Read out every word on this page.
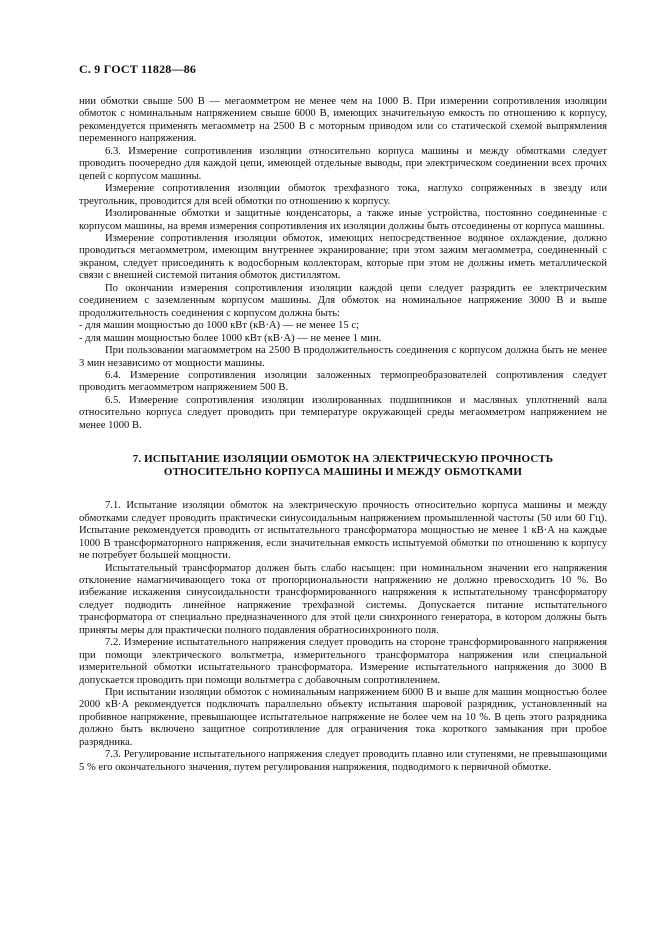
С. 9 ГОСТ 11828—86

нии обмотки свыше 500 В — мегаомметром не менее чем на 1000 В. При измерении сопротивления изоляции обмоток с номинальным напряжением свыше 6000 В, имеющих значительную емкость по отношению к корпусу, рекомендуется применять мегаомметр на 2500 В с моторным приводом или со статической схемой выпрямления переменного напряжения.

6.3. Измерение сопротивления изоляции относительно корпуса машины и между обмотками следует проводить поочередно для каждой цепи, имеющей отдельные выводы, при электрическом соединении всех прочих цепей с корпусом машины.

Измерение сопротивления изоляции обмоток трехфазного тока, наглухо сопряженных в звезду или треугольник, проводится для всей обмотки по отношению к корпусу.

Изолированные обмотки и защитные конденсаторы, а также иные устройства, постоянно соединенные с корпусом машины, на время измерения сопротивления их изоляции должны быть отсоединены от корпуса машины.

Измерение сопротивления изоляции обмоток, имеющих непосредственное водяное охлаждение, должно проводиться мегаомметром, имеющим внутреннее экранирование; при этом зажим мегаомметра, соединенный с экраном, следует присоединять к водосборным коллекторам, которые при этом не должны иметь металлической связи с внешней системой питания обмоток дистиллятом.

По окончании измерения сопротивления изоляции каждой цепи следует разрядить ее электрическим соединением с заземленным корпусом машины. Для обмоток на номинальное напряжение 3000 В и выше продолжительность соединения с корпусом должна быть:

- для машин мощностью до 1000 кВт (кВ·А) — не менее 15 с;

- для машин мощностью более 1000 кВт (кВ·А) — не менее 1 мин.

При пользовании магаомметром на 2500 В продолжительность соединения с корпусом должна быть не менее 3 мин независимо от мощности машины.

6.4. Измерение сопротивления изоляции заложенных термопреобразователей сопротивления следует проводить мегаомметром напряжением 500 В.

6.5. Измерение сопротивления изоляции изолированных подшипников и масляных уплотнений вала относительно корпуса следует проводить при температуре окружающей среды мегаомметром напряжением не менее 1000 В.

7. ИСПЫТАНИЕ ИЗОЛЯЦИИ ОБМОТОК НА ЭЛЕКТРИЧЕСКУЮ ПРОЧНОСТЬ
ОТНОСИТЕЛЬНО КОРПУСА МАШИНЫ И МЕЖДУ ОБМОТКАМИ

7.1. Испытание изоляции обмоток на электрическую прочность относительно корпуса машины и между обмотками следует проводить практически синусоидальным напряжением промышленной частоты (50 или 60 Гц). Испытание рекомендуется проводить от испытательного трансформатора мощностью не менее 1 кВ·А на каждые 1000 В трансформаторного напряжения, если значительная емкость испытуемой обмотки по отношению к корпусу не потребует большей мощности.

Испытательный трансформатор должен быть слабо насыщен: при номинальном значении его напряжения отклонение намагничивающего тока от пропорциональности напряжению не должно превосходить 10 %. Во избежание искажения синусоидальности трансформированного напряжения к испытательному трансформатору следует подводить линейное напряжение трехфазной системы. Допускается питание испытательного трансформатора от специально предназначенного для этой цели синхронного генератора, в котором должны быть приняты меры для практически полного подавления обратносинхронного поля.

7.2. Измерение испытательного напряжения следует проводить на стороне трансформированного напряжения при помощи электрического вольтметра, измерительного трансформатора напряжения или специальной измерительной обмотки испытательного трансформатора. Измерение испытательного напряжения до 3000 В допускается проводить при помощи вольтметра с добавочным сопротивлением.

При испытании изоляции обмоток с номинальным напряжением 6000 В и выше для машин мощностью более 2000 кВ·А рекомендуется подключать параллельно объекту испытания шаровой разрядник, установленный на пробивное напряжение, превышающее испытательное напряжение не более чем на 10 %. В цепь этого разрядника должно быть включено защитное сопротивление для ограничения тока короткого замыкания при пробое разрядника.

7.3. Регулирование испытательного напряжения следует проводить плавно или ступенями, не превышающими 5 % его окончательного значения, путем регулирования напряжения, подводимого к первичной обмотке.
